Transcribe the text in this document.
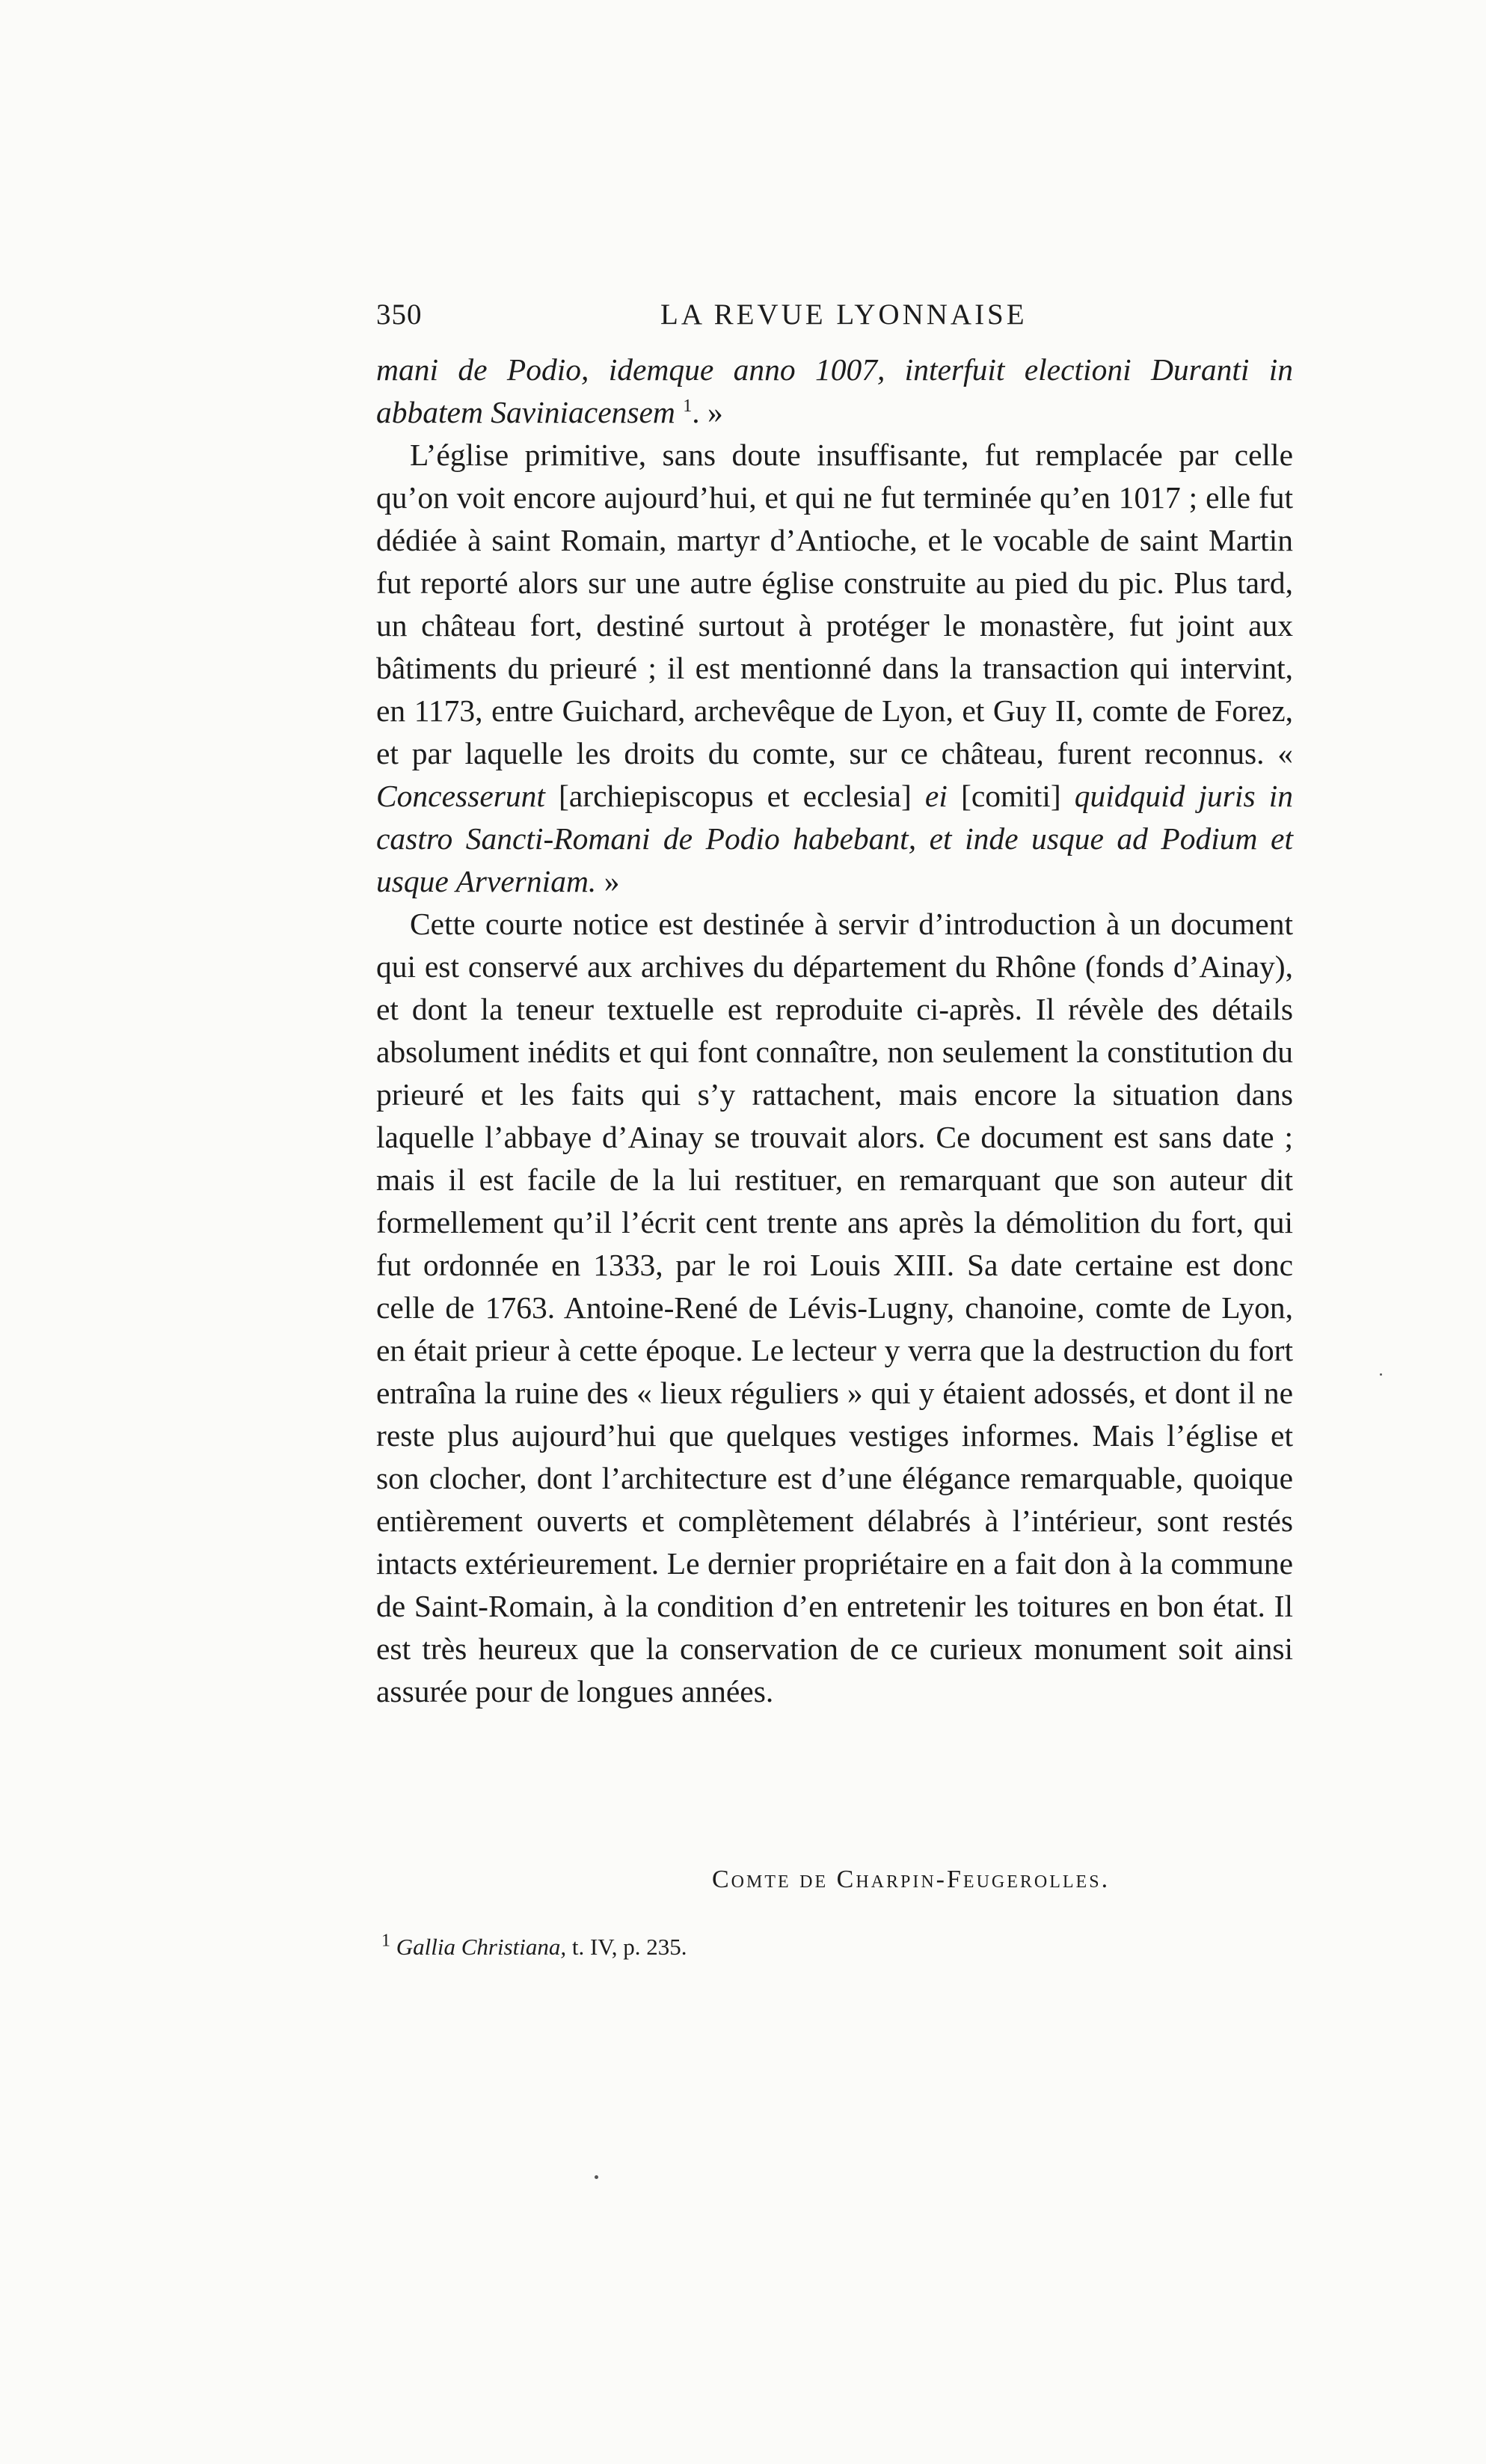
350	LA REVUE LYONNAISE

mani de Podio, idemque anno 1007, interfuit electioni Duranti in abbatem Saviniacensem $^1$. »

L’église primitive, sans doute insuffisante, fut remplacée par celle qu’on voit encore aujourd’hui, et qui ne fut terminée qu’en 1017 ; elle fut dédiée à saint Romain, martyr d’Antioche, et le vocable de saint Martin fut reporté alors sur une autre église construite au pied du pic. Plus tard, un château fort, destiné surtout à protéger le monastère, fut joint aux bâtiments du prieuré ; il est mentionné dans la transaction qui intervint, en 1173, entre Guichard, archevêque de Lyon, et Guy II, comte de Forez, et par laquelle les droits du comte, sur ce château, furent reconnus. « Concesserunt [archiepiscopus et ecclesia] ei [comiti] quidquid juris in castro Sancti-Romani de Podio habebant, et inde usque ad Podium et usque Arverniam. »

Cette courte notice est destinée à servir d’introduction à un document qui est conservé aux archives du département du Rhône (fonds d’Ainay), et dont la teneur textuelle est reproduite ci-après. Il révèle des détails absolument inédits et qui font connaître, non seulement la constitution du prieuré et les faits qui s’y rattachent, mais encore la situation dans laquelle l’abbaye d’Ainay se trouvait alors. Ce document est sans date ; mais il est facile de la lui restituer, en remarquant que son auteur dit formellement qu’il l’écrit cent trente ans après la démolition du fort, qui fut ordonnée en 1333, par le roi Louis XIII. Sa date certaine est donc celle de 1763. Antoine-René de Lévis-Lugny, chanoine, comte de Lyon, en était prieur à cette époque. Le lecteur y verra que la destruction du fort entraîna la ruine des « lieux réguliers » qui y étaient adossés, et dont il ne reste plus aujourd’hui que quelques vestiges informes. Mais l’église et son clocher, dont l’architecture est d’une élégance remarquable, quoique entièrement ouverts et complètement délabrés à l’intérieur, sont restés intacts extérieurement. Le dernier propriétaire en a fait don à la commune de Saint-Romain, à la condition d’en entretenir les toitures en bon état. Il est très heureux que la conservation de ce curieux monument soit ainsi assurée pour de longues années.

Comte de Charpin-Feugerolles.
$^1$ Gallia Christiana, t. IV, p. 235.
